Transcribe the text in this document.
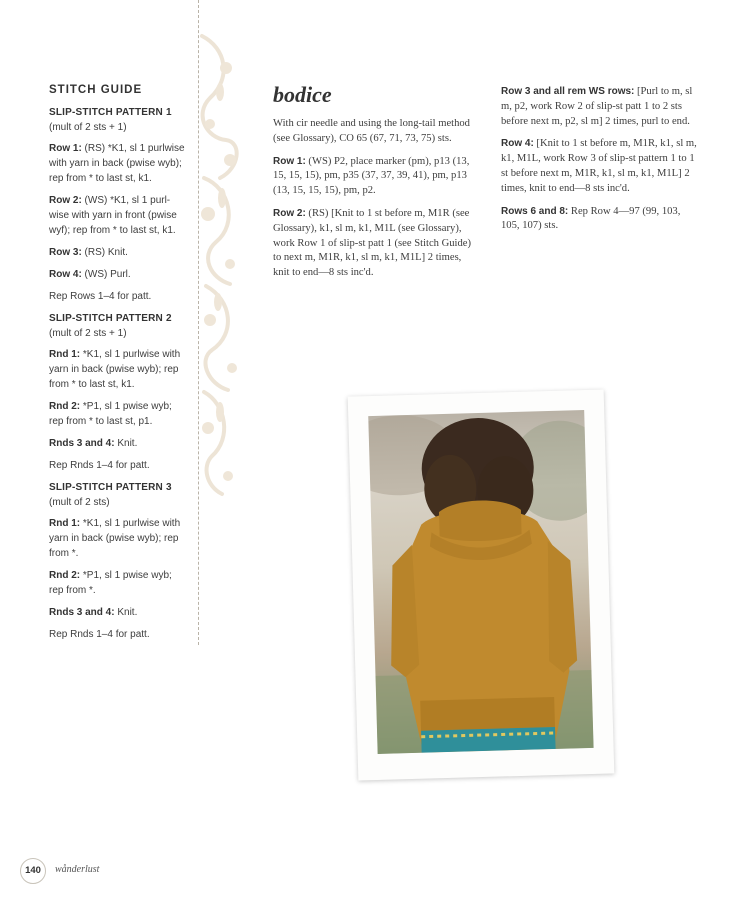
STITCH GUIDE
SLIP-STITCH PATTERN 1
(mult of 2 sts + 1)

Row 1: (RS) *K1, sl 1 purlwise with yarn in back (pwise wyb); rep from * to last st, k1.

Row 2: (WS) *K1, sl 1 purl-wise with yarn in front (pwise wyf); rep from * to last st, k1.

Row 3: (RS) Knit.

Row 4: (WS) Purl.

Rep Rows 1–4 for patt.

SLIP-STITCH PATTERN 2
(mult of 2 sts + 1)

Rnd 1: *K1, sl 1 purlwise with yarn in back (pwise wyb); rep from * to last st, k1.

Rnd 2: *P1, sl 1 pwise wyb; rep from * to last st, p1.

Rnds 3 and 4: Knit.

Rep Rnds 1–4 for patt.

SLIP-STITCH PATTERN 3
(mult of 2 sts)

Rnd 1: *K1, sl 1 purlwise with yarn in back (pwise wyb); rep from *.

Rnd 2: *P1, sl 1 pwise wyb; rep from *.

Rnds 3 and 4: Knit.

Rep Rnds 1–4 for patt.

bodice

With cir needle and using the long-tail method (see Glossary), CO 65 (67, 71, 73, 75) sts.

Row 1: (WS) P2, place marker (pm), p13 (13, 15, 15, 15), pm, p35 (37, 37, 39, 41), pm, p13 (13, 15, 15, 15), pm, p2.

Row 2: (RS) [Knit to 1 st before m, M1R (see Glossary), k1, sl m, k1, M1L (see Glossary), work Row 1 of slip-st patt 1 (see Stitch Guide) to next m, M1R, k1, sl m, k1, M1L] 2 times, knit to end—8 sts inc'd.

Row 3 and all rem WS rows: [Purl to m, sl m, p2, work Row 2 of slip-st patt 1 to 2 sts before next m, p2, sl m] 2 times, purl to end.

Row 4: [Knit to 1 st before m, M1R, k1, sl m, k1, M1L, work Row 3 of slip-st pattern 1 to 1 st before next m, M1R, k1, sl m, k1, M1L] 2 times, knit to end—8 sts inc'd.

Rows 6 and 8: Rep Row 4—97 (99, 103, 105, 107) sts.

140	wånderlust
